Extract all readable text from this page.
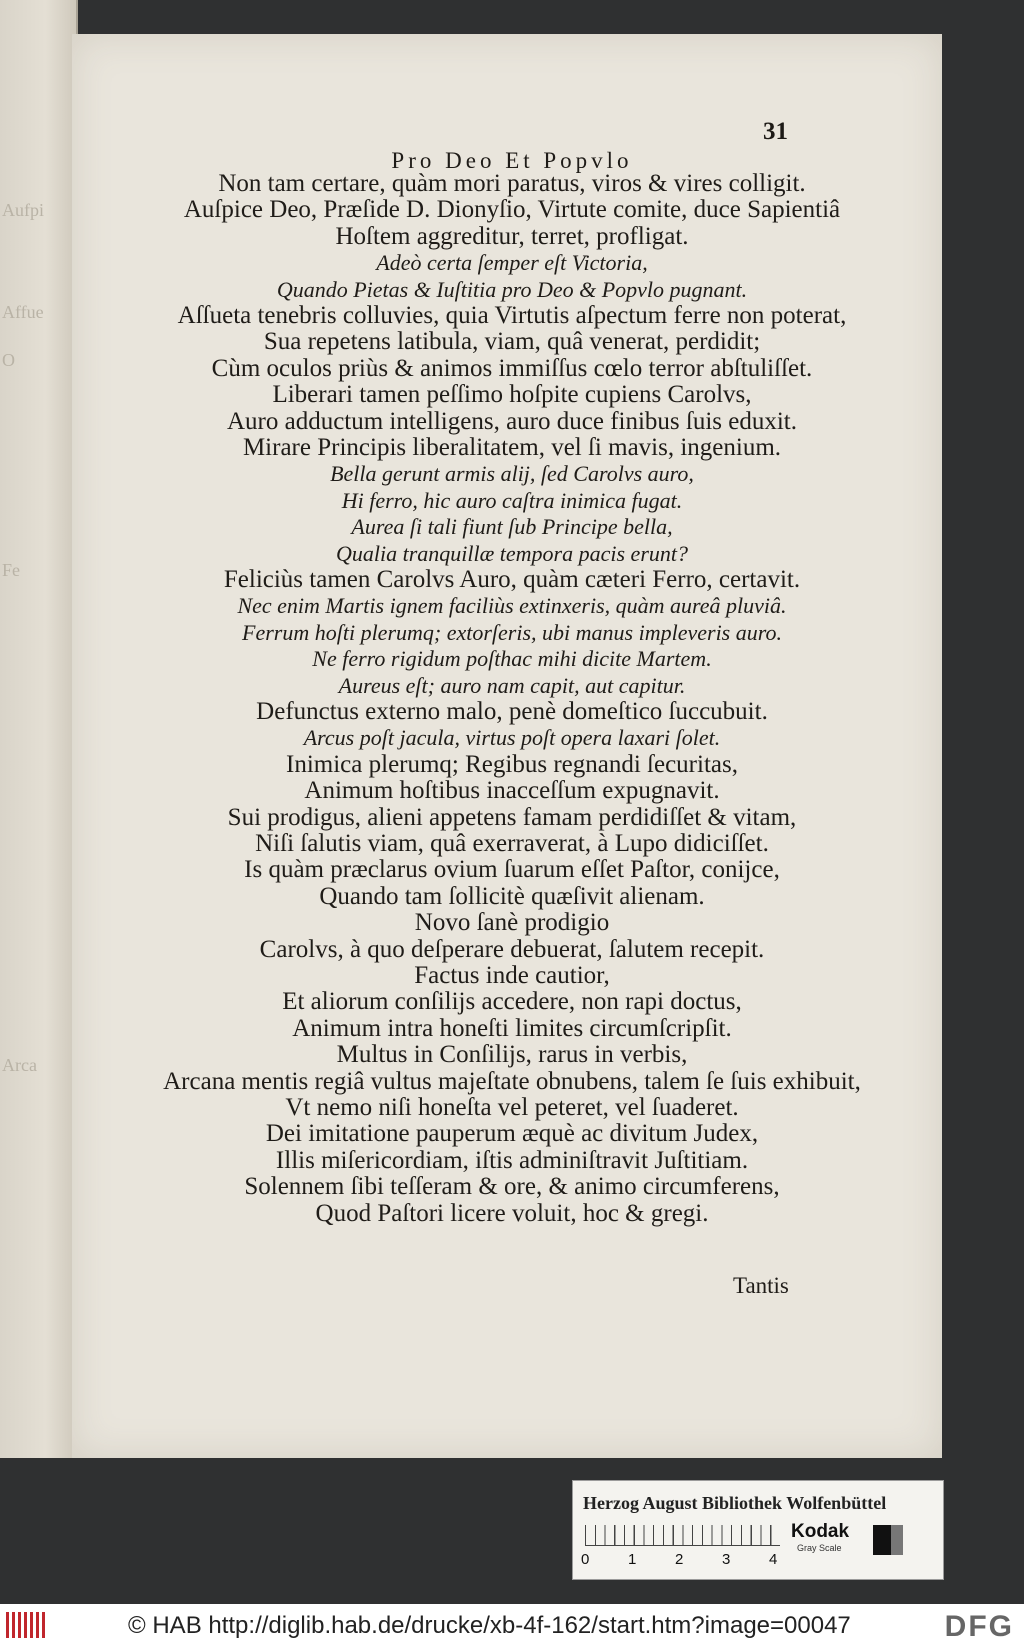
Aufpi
Affue
O
Fe
Arca
31
Pro Deo Et Popvlo
Non tam certare, quàm mori paratus, viros & vires colligit.
Auſpice Deo, Præſide D. Dionyſio, Virtute comite, duce Sapientiâ
Hoſtem aggreditur, terret, profligat.
Adeò certa ſemper eſt Victoria,
Quando Pietas & Iuſtitia pro Deo & Popvlo pugnant.
Aſſueta tenebris colluvies, quia Virtutis aſpectum ferre non poterat,
Sua repetens latibula, viam, quâ venerat, perdidit;
Cùm oculos priùs & animos immiſſus cœlo terror abſtuliſſet.
Liberari tamen peſſimo hoſpite cupiens Carolvs,
Auro adductum intelligens, auro duce finibus ſuis eduxit.
Mirare Principis liberalitatem, vel ſi mavis, ingenium.
Bella gerunt armis alij, ſed Carolvs auro,
Hi ferro, hic auro caſtra inimica fugat.
Aurea ſi tali fiunt ſub Principe bella,
Qualia tranquillæ tempora pacis erunt?
Feliciùs tamen Carolvs Auro, quàm cæteri Ferro, certavit.
Nec enim Martis ignem faciliùs extinxeris, quàm aureâ pluviâ.
Ferrum hoſti plerumq; extorſeris, ubi manus impleveris auro.
Ne ferro rigidum poſthac mihi dicite Martem.
Aureus eſt; auro nam capit, aut capitur.
Defunctus externo malo, penè domeſtico ſuccubuit.
Arcus poſt jacula, virtus poſt opera laxari ſolet.
Inimica plerumq; Regibus regnandi ſecuritas,
Animum hoſtibus inacceſſum expugnavit.
Sui prodigus, alieni appetens famam perdidiſſet & vitam,
Niſi ſalutis viam, quâ exerraverat, à Lupo didiciſſet.
Is quàm præclarus ovium ſuarum eſſet Paſtor, conijce,
Quando tam ſollicitè quæſivit alienam.
Novo ſanè prodigio
Carolvs, à quo deſperare debuerat, ſalutem recepit.
Factus inde cautior,
Et aliorum conſilijs accedere, non rapi doctus,
Animum intra honeſti limites circumſcripſit.
Multus in Conſilijs, rarus in verbis,
Arcana mentis regiâ vultus majeſtate obnubens, talem ſe ſuis exhibuit,
Vt nemo niſi honeſta vel peteret, vel ſuaderet.
Dei imitatione pauperum æquè ac divitum Judex,
Illis miſericordiam, iſtis adminiſtravit Juſtitiam.
Solennem ſibi teſſeram & ore, & animo circumferens,
Quod Paſtori licere voluit, hoc & gregi.
Tantis
Herzog August Bibliothek Wolfenbüttel
0	1	2	3	4
Kodak
Gray Scale
© HAB http://diglib.hab.de/drucke/xb-4f-162/start.htm?image=00047	DFG
